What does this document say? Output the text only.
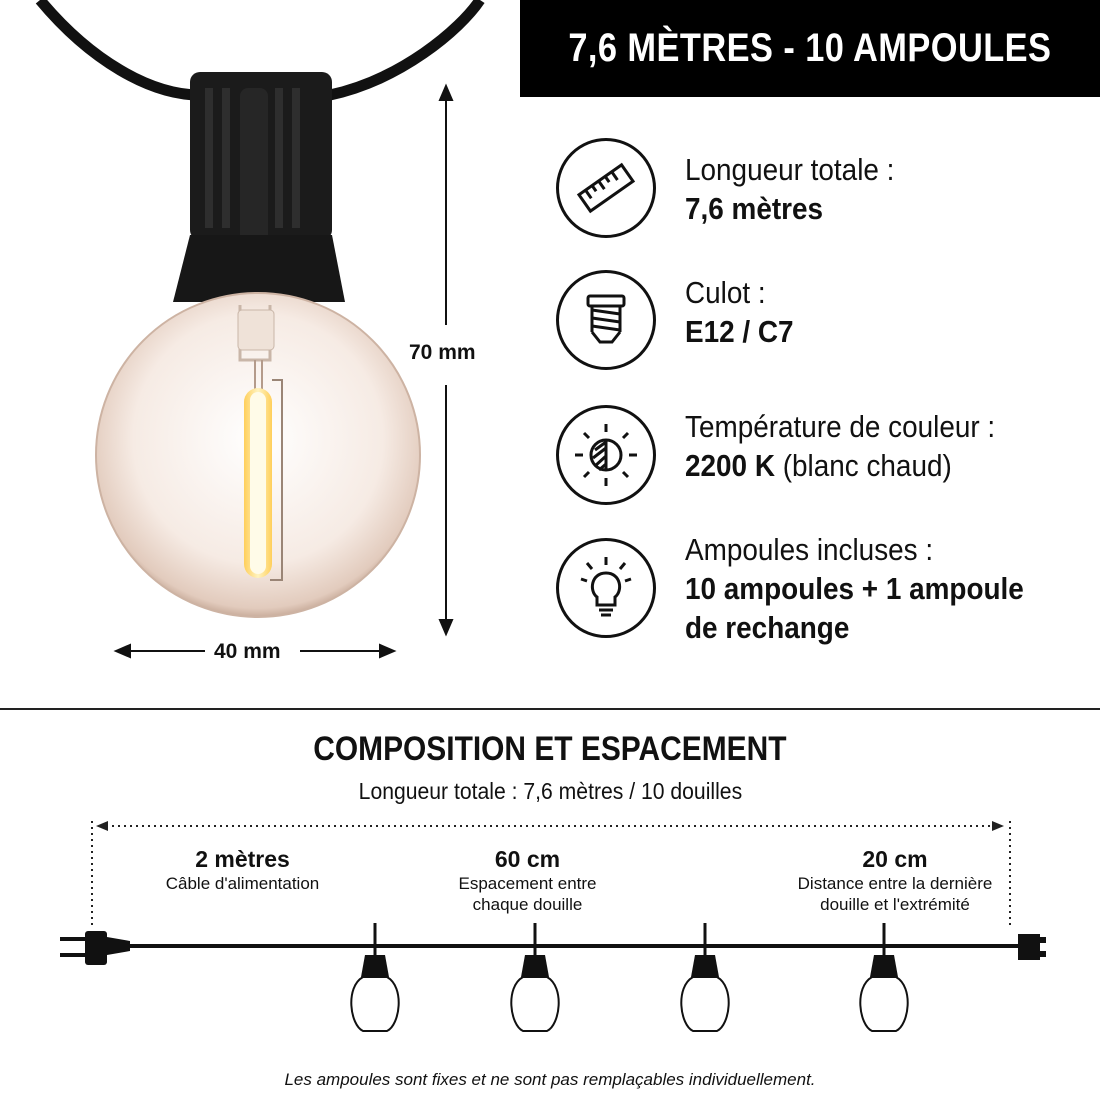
70 mm
40 mm
7,6 MÈTRES - 10 AMPOULES
Longueur totale :
7,6 mètres
Culot :
E12 / C7
Température de couleur :
2200 K (blanc chaud)
Ampoules incluses :
10 ampoules + 1 ampoule
de rechange
COMPOSITION ET ESPACEMENT
Longueur totale : 7,6 mètres / 10 douilles
2 mètres
Câble d'alimentation
60 cm
Espacement entre
chaque douille
20 cm
Distance entre la dernière
douille et l'extrémité
Les ampoules sont fixes et ne sont pas remplaçables individuellement.
